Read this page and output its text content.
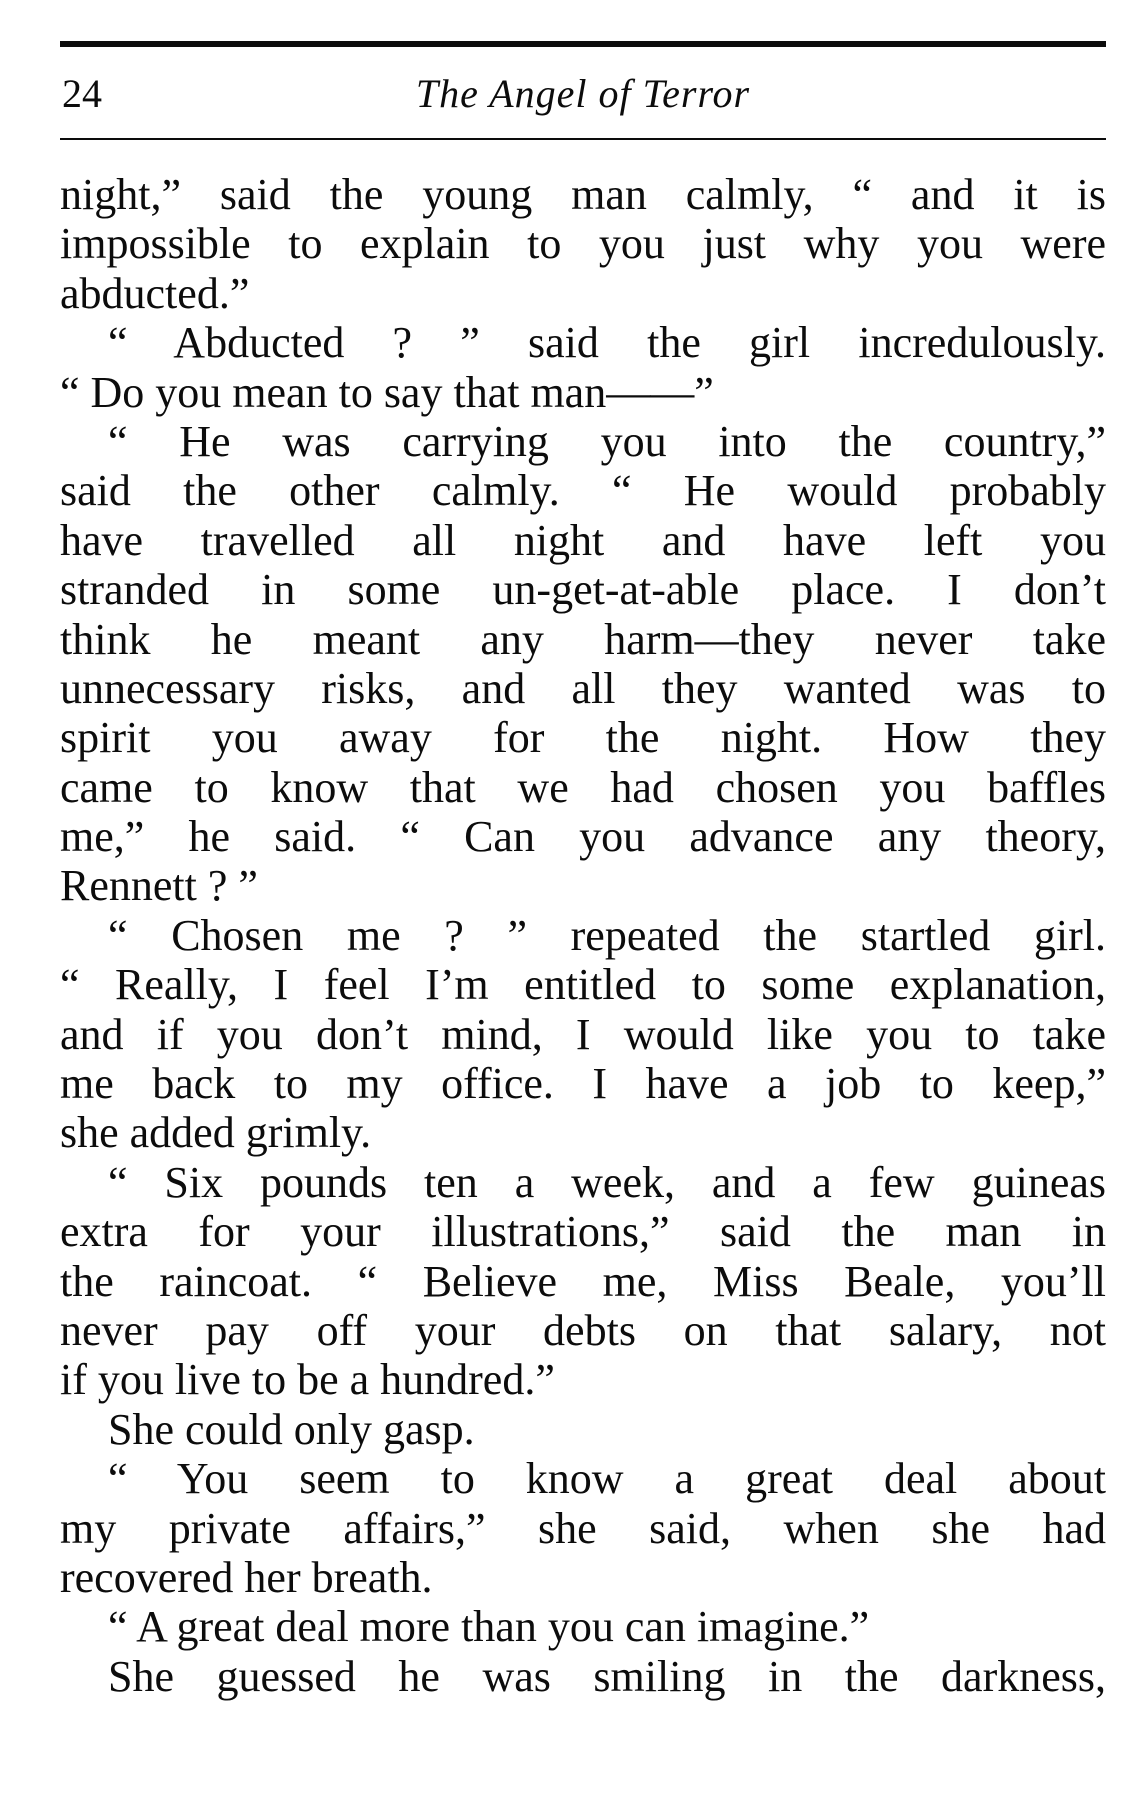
24	The Angel of Terror
night,” said the young man calmly, “ and it is
impossible to explain to you just why you were
abducted.”
“ Abducted ? ” said the girl incredulously.
“ Do you mean to say that man——”
“ He was carrying you into the country,”
said the other calmly. “ He would probably
have travelled all night and have left you
stranded in some un-get-at-able place. I don’t
think he meant any harm—they never take
unnecessary risks, and all they wanted was to
spirit you away for the night. How they
came to know that we had chosen you baffles
me,” he said. “ Can you advance any theory,
Rennett ? ”
“ Chosen me ? ” repeated the startled girl.
“ Really, I feel I’m entitled to some explanation,
and if you don’t mind, I would like you to take
me back to my office. I have a job to keep,”
she added grimly.
“ Six pounds ten a week, and a few guineas
extra for your illustrations,” said the man in
the raincoat. “ Believe me, Miss Beale, you’ll
never pay off your debts on that salary, not
if you live to be a hundred.”
She could only gasp.
“ You seem to know a great deal about
my private affairs,” she said, when she had
recovered her breath.
“ A great deal more than you can imagine.”
She guessed he was smiling in the darkness,
